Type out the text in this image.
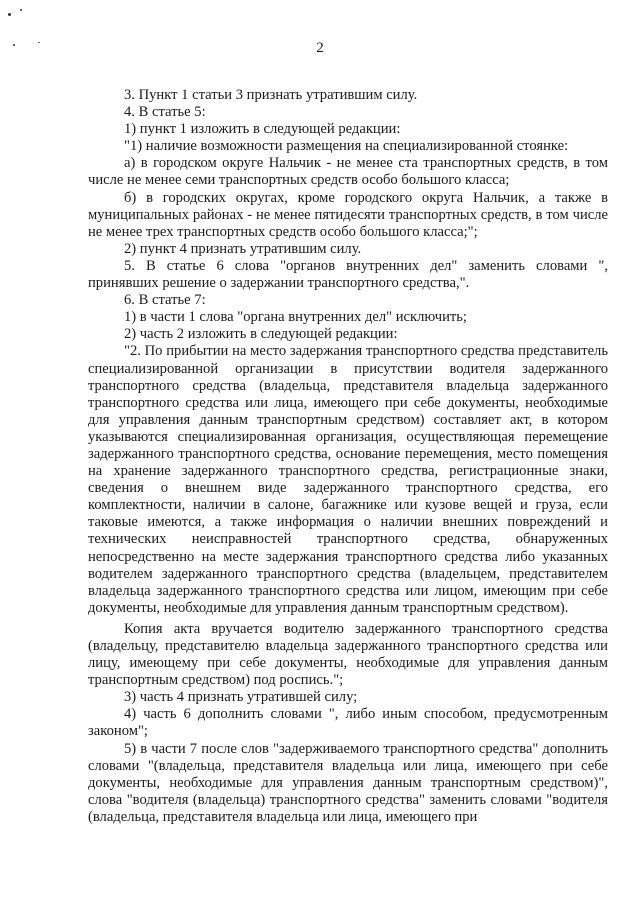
2

3. Пункт 1 статьи 3 признать утратившим силу.

4. В статье 5:

1) пункт 1 изложить в следующей редакции:

"1) наличие возможности размещения на специализированной стоянке:

а) в городском округе Нальчик - не менее ста транспортных средств, в том числе не менее семи транспортных средств особо большого класса;

б) в городских округах, кроме городского округа Нальчик, а также в муниципальных районах - не менее пятидесяти транспортных средств, в том числе не менее трех транспортных средств особо большого класса;";

2) пункт 4 признать утратившим силу.

5. В статье 6 слова "органов внутренних дел" заменить словами ", принявших решение о задержании транспортного средства,".

6. В статье 7:

1) в части 1 слова "органа внутренних дел" исключить;

2) часть 2 изложить в следующей редакции:

"2. По прибытии на место задержания транспортного средства представитель специализированной организации в присутствии водителя задержанного транспортного средства (владельца, представителя владельца задержанного транспортного средства или лица, имеющего при себе документы, необходимые для управления данным транспортным средством) составляет акт, в котором указываются специализированная организация, осуществляющая перемещение задержанного транспортного средства, основание перемещения, место помещения на хранение задержанного транспортного средства, регистрационные знаки, сведения о внешнем виде задержанного транспортного средства, его комплектности, наличии в салоне, багажнике или кузове вещей и груза, если таковые имеются, а также информация о наличии внешних повреждений и технических неисправностей транспортного средства, обнаруженных непосредственно на месте задержания транспортного средства либо указанных водителем задержанного транспортного средства (владельцем, представителем владельца задержанного транспортного средства или лицом, имеющим при себе документы, необходимые для управления данным транспортным средством).

Копия акта вручается водителю задержанного транспортного средства (владельцу, представителю владельца задержанного транспортного средства или лицу, имеющему при себе документы, необходимые для управления данным транспортным средством) под роспись.";

3) часть 4 признать утратившей силу;

4) часть 6 дополнить словами ", либо иным способом, предусмотренным законом";

5) в части 7 после слов "задерживаемого транспортного средства" дополнить словами "(владельца, представителя владельца или лица, имеющего при себе документы, необходимые для управления данным транспортным средством)", слова "водителя (владельца) транспортного средства" заменить словами "водителя (владельца, представителя владельца или лица, имеющего при
